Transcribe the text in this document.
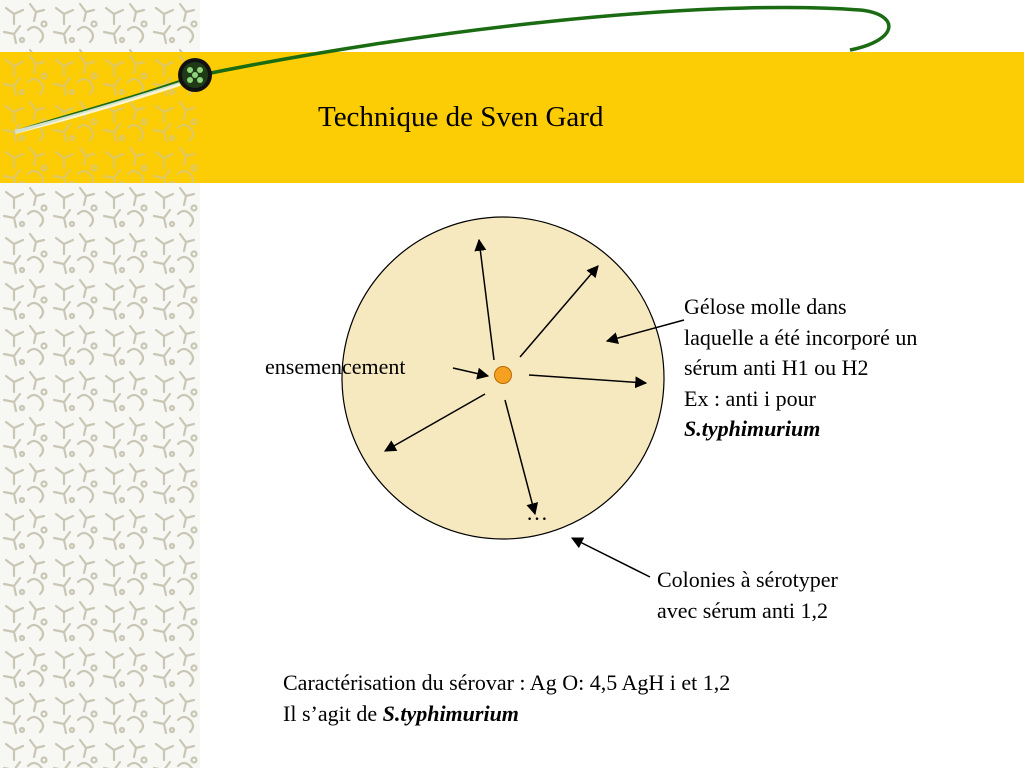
Technique de Sven Gard
…
ensemencement
Gélose molle dans
laquelle a été incorporé un
sérum anti H1 ou H2
Ex : anti i pour
S.typhimurium
Colonies à sérotyper
avec sérum anti 1,2
Caractérisation du sérovar : Ag O: 4,5 AgH i et 1,2
Il s’agit de S.typhimurium
